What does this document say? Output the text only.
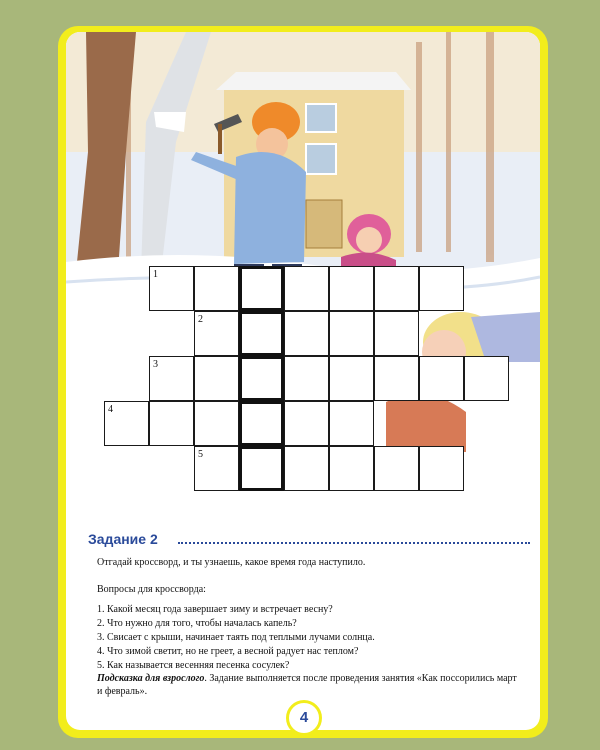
1
2
3
4
5
Задание 2
Отгадай кроссворд, и ты узнаешь, какое время года наступило.
Вопросы для кроссворда:
1. Какой месяц года завершает зиму и встречает весну?
2. Что нужно для того, чтобы началась капель?
3. Свисает с крыши, начинает таять под теплыми лучами солнца.
4. Что зимой светит, но не греет, а весной радует нас теплом?
5. Как называется весенняя песенка сосулек?
Подсказка для взрослого. Задание выполняется после проведения занятия «Как поссорились март
и февраль».
4
